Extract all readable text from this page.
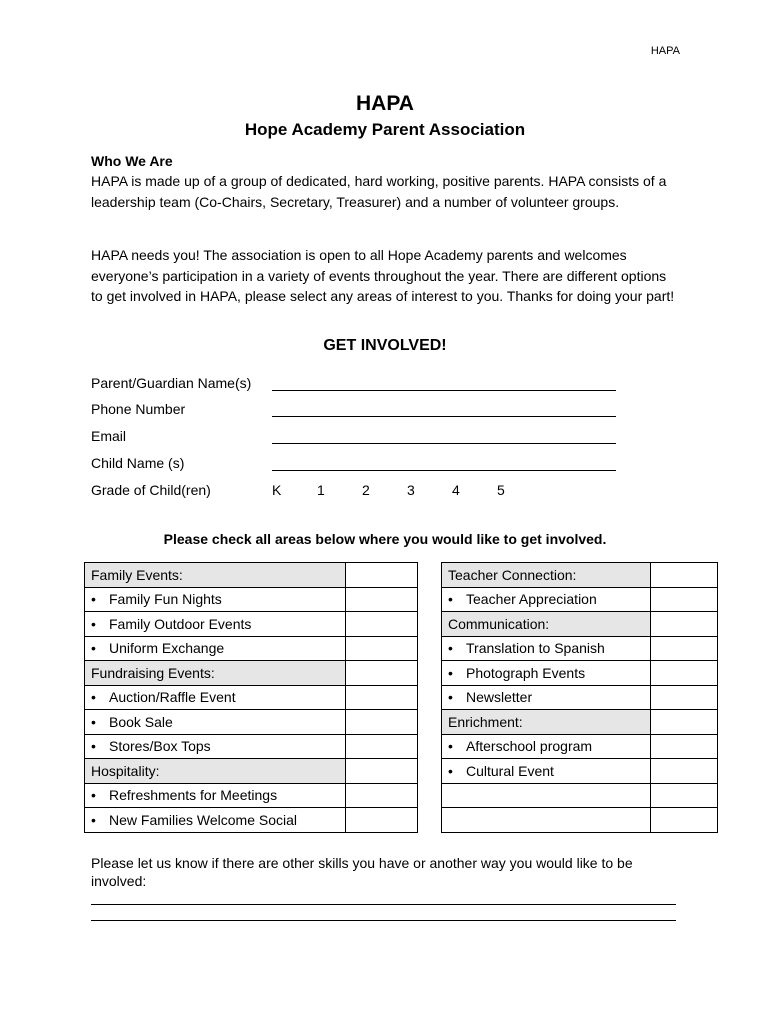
HAPA
HAPA
Hope Academy Parent Association
Who We Are
HAPA is made up of a group of dedicated, hard working, positive parents. HAPA consists of a leadership team (Co-Chairs, Secretary, Treasurer) and a number of volunteer groups.
HAPA needs you! The association is open to all Hope Academy parents and welcomes everyone’s participation in a variety of events throughout the year. There are different options to get involved in HAPA, please select any areas of interest to you. Thanks for doing your part!
GET INVOLVED!
Parent/Guardian Name(s)
Phone Number
Email
Child Name (s)
Grade of Child(ren)	K	1	2	3	4	5
Please check all areas below where you would like to get involved.
Family Events:	
• Family Fun Nights	
• Family Outdoor Events	
• Uniform Exchange	
Fundraising Events:	
• Auction/Raffle Event	
• Book Sale	
• Stores/Box Tops	
Hospitality:	
• Refreshments for Meetings	
• New Families Welcome Social	
Teacher Connection:	
• Teacher Appreciation	
Communication:	
• Translation to Spanish	
• Photograph Events	
• Newsletter	
Enrichment:	
• Afterschool program	
• Cultural Event	

Please let us know if there are other skills you have or another way you would like to be involved:
